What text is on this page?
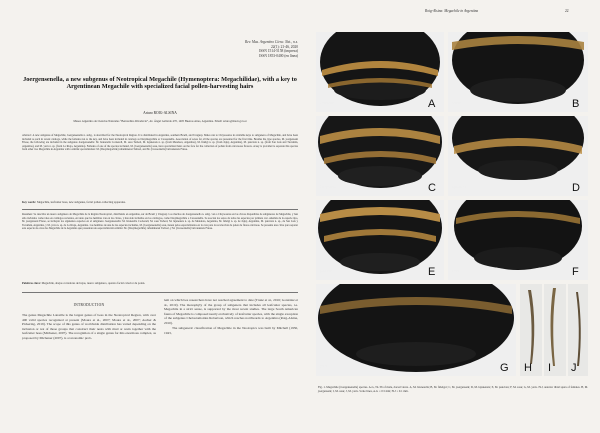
Roig-Alsina: Megachile in Argentina	22
Rev. Mus. Argentino Cienc. Nat., n.s.
22(1): 21-46, 2020
ISSN 1514-5158 (impresa)
ISSN 1853-0400 (en línea)
Joergensenella, a new subgenus of Neotropical Megachile (Hymenoptera: Megachilidae), with a key to Argentinean Megachile with specialized facial pollen-harvesting hairs
Arturo ROIG-ALSINA
Museo Argentino de Ciencias Naturales “Bernardino Rivadavia”, Av. Ángel Gallardo 470, 1405 Buenos Aires, Argentina. Email: arturo@macn.gov.ar
Abstract: A new subgenus of Megachile, Joergensenella n. subg., is described for the Neotropical Region. It is distributed in Argentina, southern Brazil, and Uruguay. Males run to Chrysosarus in available keys to subgenera of Megachile, and have been included as such in recent catalogs, while the females run to the key, and have been included in catalogs as Dasymegachile or Cressoniella. Association of sexes for all the species are presented for the first time. Besides the type species, M. joergenseni Friese, the following are included in the subgenus Joergensenella: M. brunerella Cockerell, M. sasu Tadwel, M. lujanensis n. sp. (from Mendoza, Argentina), M. fidelgi n. sp. (from Jujuy, Argentina), M. punctata n. sp. (from San Luis and Tucumán, Argentina), and M. yavu n. sp. (from La Rioja, Argentina). Females of one of the species included, M. (Joergensenella) sasu, have specialized hairs on the face for the collection of pollen from ericaceous flowers. A key is provided to separate this species from other two Megachile in Argentina with a similar specialization: M. (Dasymegachile) rubuminensi Tadwel, and M. (Cressoniella) bulcaniensis Friese.
Key words: Megachile, leafcutter bees, new subgenus, facial pollen-collecting apparatus.
Resumen: Se describe un nuevo subgénero de Megachile de la Región Neotropical, distribuido en Argentina, sur de Brasil y Uruguay. Los machos de Joergensenella n. subg. van a Chrysosarus en las claves disponibles de subgéneros de Megachile, y han sido incluidos como tales en catálogos recientes, en tanto que las hembras van en las claves, y han sido incluidas en los catálogos, como Dasymegachile o Cressoniella. Se asocian los sexos de todas las especies por primera vez. Además de la especie tipo, M. joergenseni Friese, se incluyen los siguientes especies en el subgénero Joergensenella: M. brunerella Cockerell, M. sasu Tadwel, M. lujanensis n. sp. de Mendoza, Argentina, M. fidelgi n. sp. de Jujuy, Argentina, M. punctata n. sp., de San Luis y Tucumán, Argentina, y M. yavu n. sp. de La Rioja, Argentina. Las hembras de una de las especies incluidas, M. (Joergensenella) sasu, tienen pelos especializados en la cara para la recolección de polen de flores ericáceas. Se presenta una clave para separar esta especie de otras dos Megachile de la Argentina que presentan una especialización similar: M. (Dasymegachile) rubuminensi Tadwel, y M. (Cressoniella) bulcaniensis Friese.
Palabras clave: Megachile, abejas cortadoras de hojas, nuevo subgénero, aparato facial colector de polen.
INTRODUCTION
The genus Megachile Latreille is the largest genus of bees in the Neotropical Region, with over 400 valid species recognized at present (Moure et al., 2007; Moure et al., 2007; Ascher & Pickering, 2019). The scope of this genus of worldwide distribution has varied depending on the inclusion or not of those groups that construct their nests with mud or resin together with the leafcutter bees (Michener, 2007). The recognition of a single genus for this enormous complex, as proposed by Michener (2007), is a taxonomic prob-
lem on which bee researchers have not reached agreement to date (Trunz et al., 2016; González et al., 2019). The monophyly of the group of subgenera that includes all leafcutter species, i.e. Megachile in a strict sense, is supported by the most recent studies. The large South American fauna of Megachile is composed nearly exclusively of leafcutter species, with the single exception of the subgenus Chelostomoides Robertson, which reaches northwards to Argentina (Roig-Alsina, 2010).
The subgeneric classification of Megachile in the Neotropics was built by Mitchell (1930, 1943,
brunerella	A	fidelgoi	B
joergenseni	C	lujanensis	D
punctata	E	sasu	F
yavu	G H I J
Fig. 1. Megachile (Joergensenella) species. A-G, T4-T6 of male, dorsal views. A, M. brunerella; B, M. fidelgoi; C, M. joergenseni; D, M. lujanensis; E, M. punctata; F, M. sasu; G, M. yavu. H-J, anterior tibial spurs of females. H, M. joergenseni; I, M. sasu; J, M. yavu. Scale lines, A-G = 0.5 mm; H-J = 0.1 mm.
